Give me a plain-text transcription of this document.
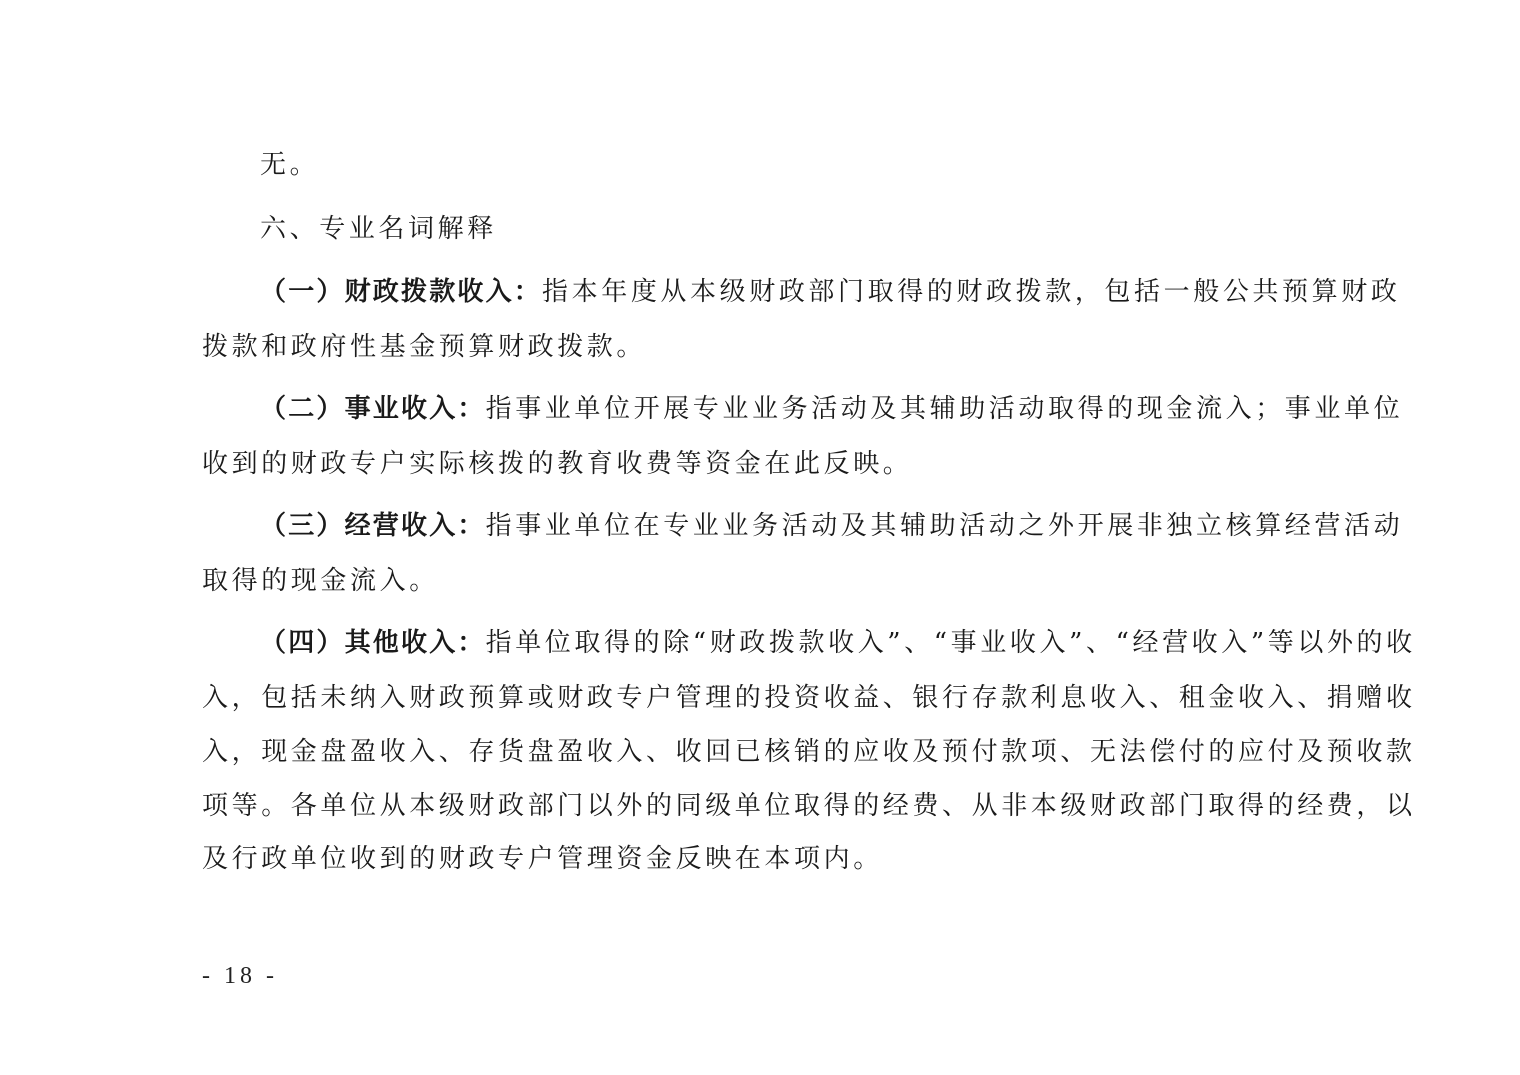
无。
六、专业名词解释
（一）财政拨款收入：指本年度从本级财政部门取得的财政拨款，包括一般公共预算财政
拨款和政府性基金预算财政拨款。
（二）事业收入：指事业单位开展专业业务活动及其辅助活动取得的现金流入；事业单位
收到的财政专户实际核拨的教育收费等资金在此反映。
（三）经营收入：指事业单位在专业业务活动及其辅助活动之外开展非独立核算经营活动
取得的现金流入。
（四）其他收入：指单位取得的除“财政拨款收入”、“事业收入”、“经营收入”等以外的收
入，包括未纳入财政预算或财政专户管理的投资收益、银行存款利息收入、租金收入、捐赠收
入，现金盘盈收入、存货盘盈收入、收回已核销的应收及预付款项、无法偿付的应付及预收款
项等。各单位从本级财政部门以外的同级单位取得的经费、从非本级财政部门取得的经费，以
及行政单位收到的财政专户管理资金反映在本项内。
- 18 -
